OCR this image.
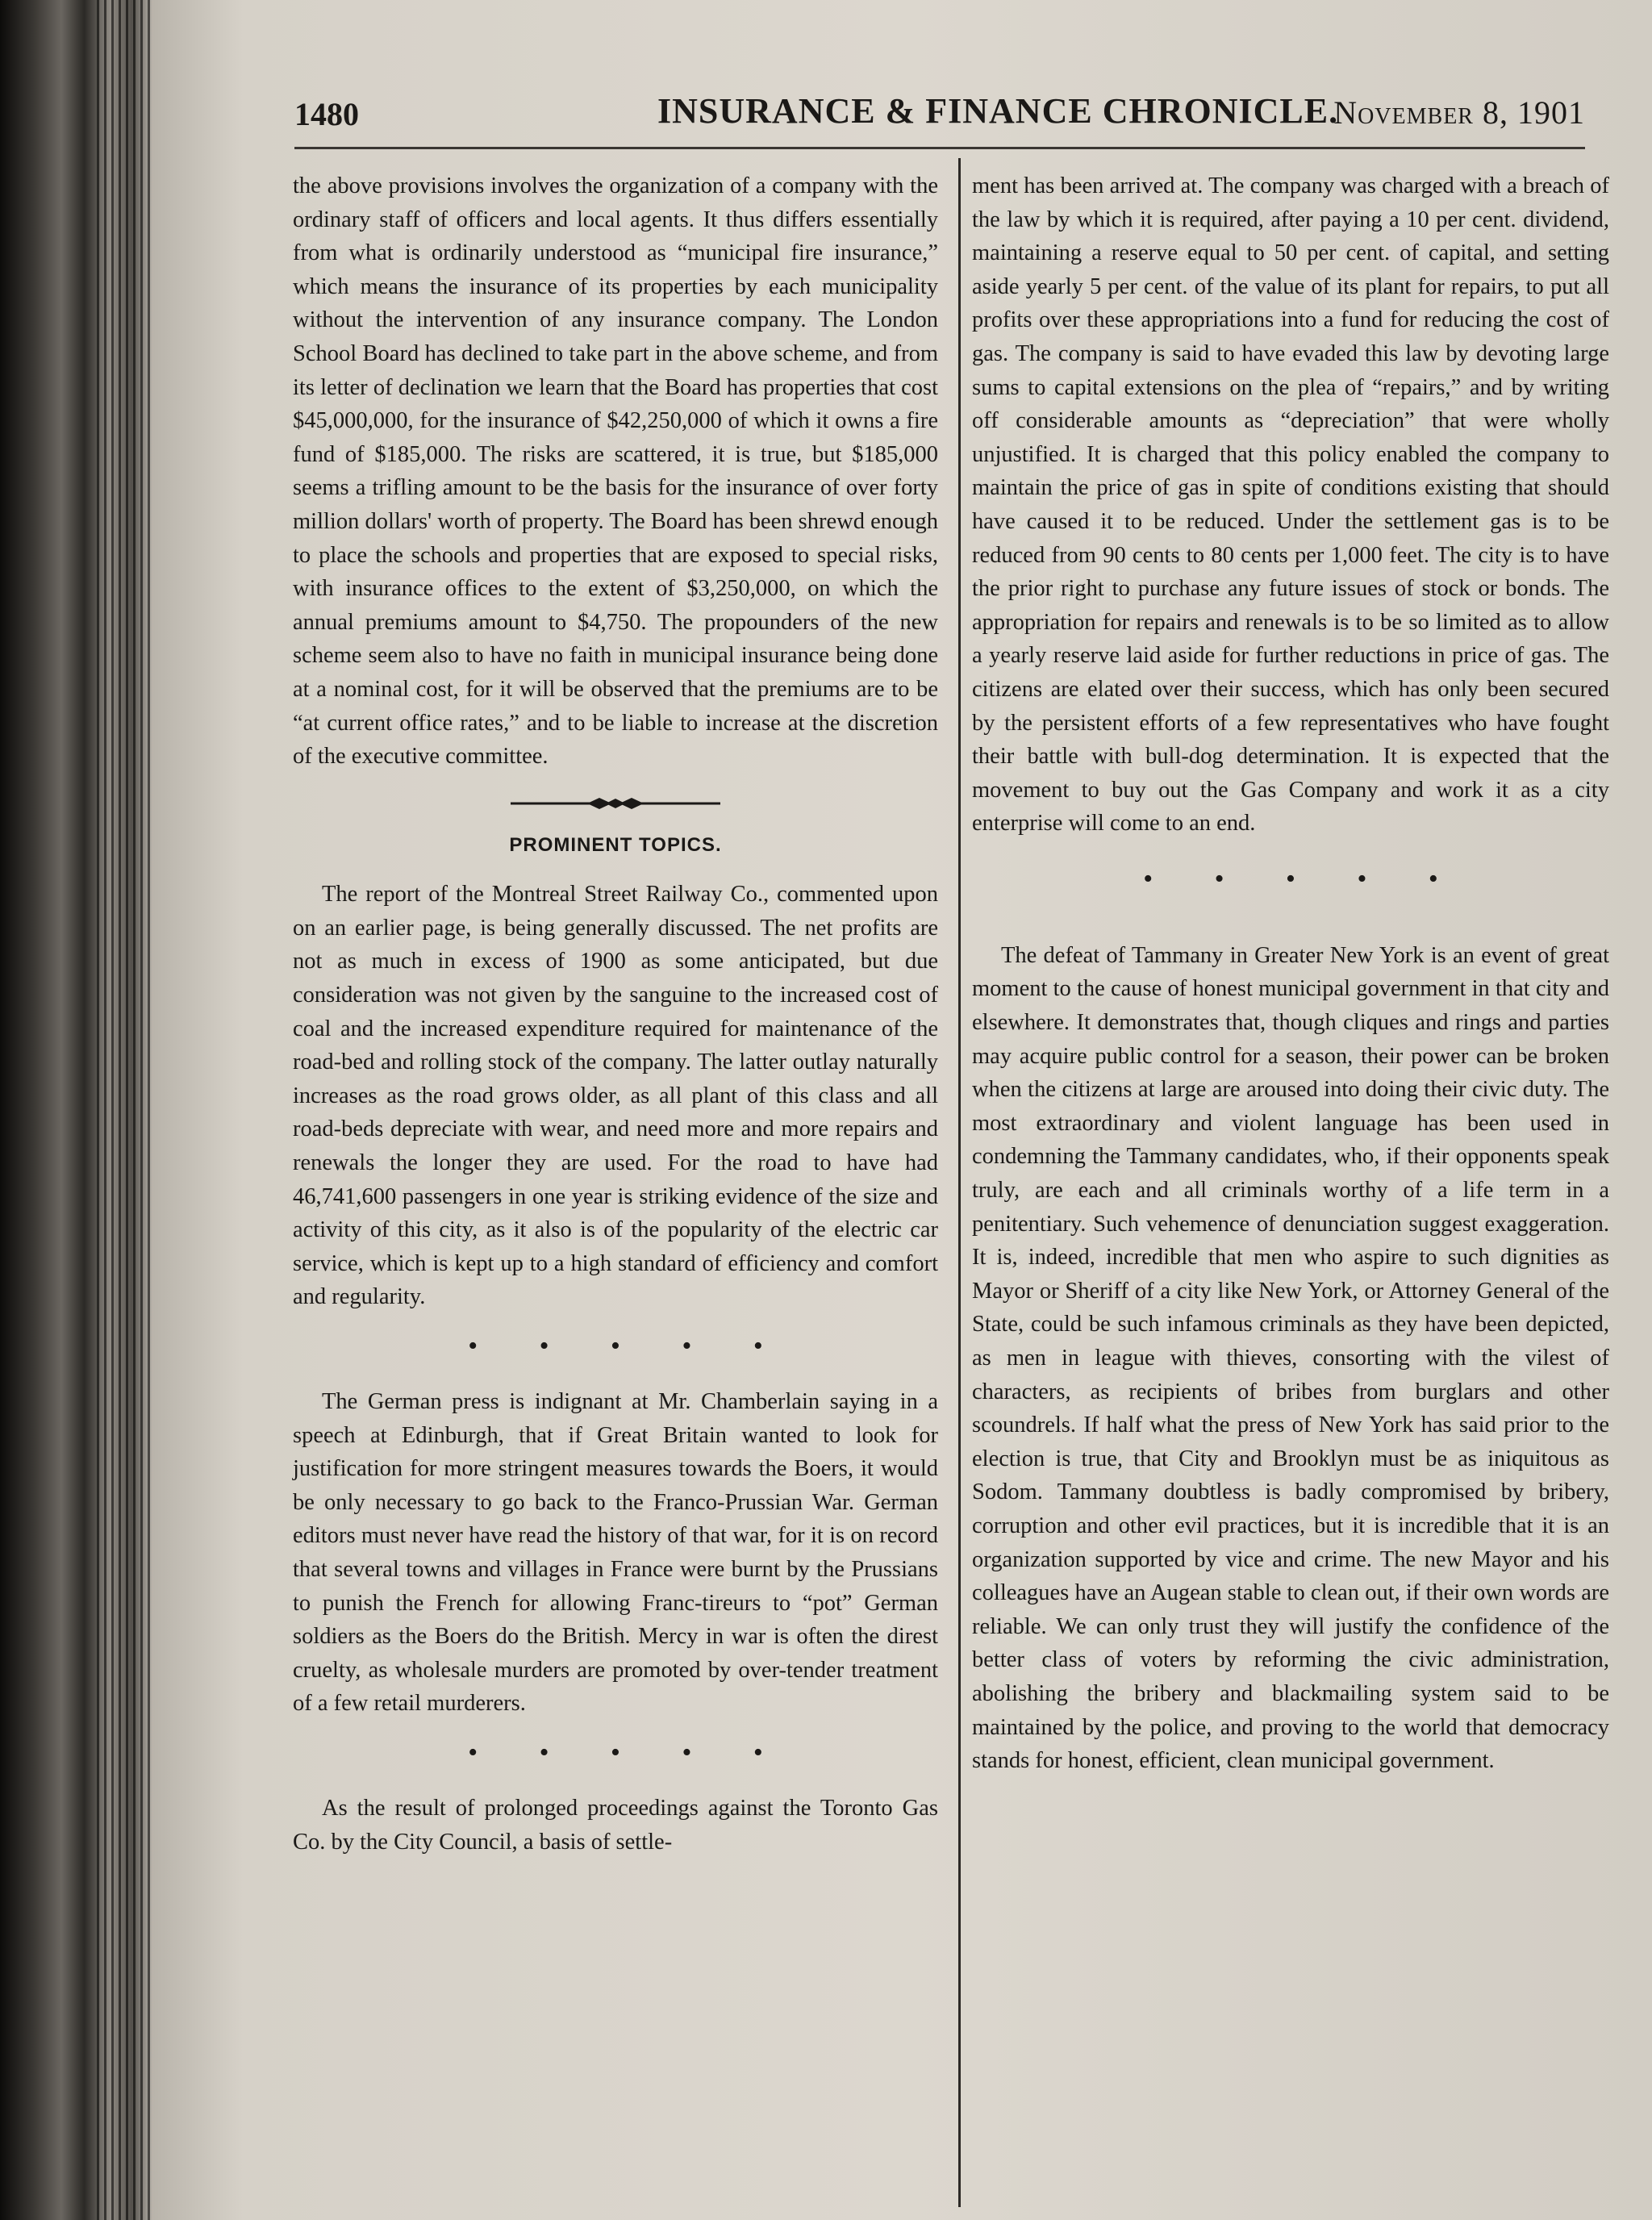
1480	INSURANCE & FINANCE CHRONICLE.
November 8, 1901

the above provisions involves the organization of a company with the ordinary staff of officers and local agents. It thus differs essentially from what is ordinarily understood as “municipal fire insurance,” which means the insurance of its properties by each municipality without the intervention of any insurance company. The London School Board has declined to take part in the above scheme, and from its letter of declination we learn that the Board has properties that cost $45,000,000, for the insurance of $42,250,000 of which it owns a fire fund of $185,000. The risks are scattered, it is true, but $185,000 seems a trifling amount to be the basis for the insurance of over forty million dollars' worth of property. The Board has been shrewd enough to place the schools and properties that are exposed to special risks, with insurance offices to the extent of $3,250,000, on which the annual premiums amount to $4,750. The propounders of the new scheme seem also to have no faith in municipal insurance being done at a nominal cost, for it will be observed that the premiums are to be “at current office rates,” and to be liable to increase at the discretion of the executive committee.

PROMINENT TOPICS.

The report of the Montreal Street Railway Co., commented upon on an earlier page, is being generally discussed. The net profits are not as much in excess of 1900 as some anticipated, but due consideration was not given by the sanguine to the increased cost of coal and the increased expenditure required for maintenance of the road-bed and rolling stock of the company. The latter outlay naturally increases as the road grows older, as all plant of this class and all road-beds depreciate with wear, and need more and more repairs and renewals the longer they are used. For the road to have had 46,741,600 passengers in one year is striking evidence of the size and activity of this city, as it also is of the popularity of the electric car service, which is kept up to a high standard of efficiency and comfort and regularity.

• • • • •

The German press is indignant at Mr. Chamberlain saying in a speech at Edinburgh, that if Great Britain wanted to look for justification for more stringent measures towards the Boers, it would be only necessary to go back to the Franco-Prussian War. German editors must never have read the history of that war, for it is on record that several towns and villages in France were burnt by the Prussians to punish the French for allowing Franc-tireurs to “pot” German soldiers as the Boers do the British. Mercy in war is often the direst cruelty, as wholesale murders are promoted by over-tender treatment of a few retail murderers.

• • • • •

As the result of prolonged proceedings against the Toronto Gas Co. by the City Council, a basis of settle-

ment has been arrived at. The company was charged with a breach of the law by which it is required, after paying a 10 per cent. dividend, maintaining a reserve equal to 50 per cent. of capital, and setting aside yearly 5 per cent. of the value of its plant for repairs, to put all profits over these appropriations into a fund for reducing the cost of gas. The company is said to have evaded this law by devoting large sums to capital extensions on the plea of “repairs,” and by writing off considerable amounts as “depreciation” that were wholly unjustified. It is charged that this policy enabled the company to maintain the price of gas in spite of conditions existing that should have caused it to be reduced. Under the settlement gas is to be reduced from 90 cents to 80 cents per 1,000 feet. The city is to have the prior right to purchase any future issues of stock or bonds. The appropriation for repairs and renewals is to be so limited as to allow a yearly reserve laid aside for further reductions in price of gas. The citizens are elated over their success, which has only been secured by the persistent efforts of a few representatives who have fought their battle with bull-dog determination. It is expected that the movement to buy out the Gas Company and work it as a city enterprise will come to an end.

• • • • •

The defeat of Tammany in Greater New York is an event of great moment to the cause of honest municipal government in that city and elsewhere. It demonstrates that, though cliques and rings and parties may acquire public control for a season, their power can be broken when the citizens at large are aroused into doing their civic duty. The most extraordinary and violent language has been used in condemning the Tammany candidates, who, if their opponents speak truly, are each and all criminals worthy of a life term in a penitentiary. Such vehemence of denunciation suggest exaggeration. It is, indeed, incredible that men who aspire to such dignities as Mayor or Sheriff of a city like New York, or Attorney General of the State, could be such infamous criminals as they have been depicted, as men in league with thieves, consorting with the vilest of characters, as recipients of bribes from burglars and other scoundrels. If half what the press of New York has said prior to the election is true, that City and Brooklyn must be as iniquitous as Sodom. Tammany doubtless is badly compromised by bribery, corruption and other evil practices, but it is incredible that it is an organization supported by vice and crime. The new Mayor and his colleagues have an Augean stable to clean out, if their own words are reliable. We can only trust they will justify the confidence of the better class of voters by reforming the civic administration, abolishing the bribery and blackmailing system said to be maintained by the police, and proving to the world that democracy stands for honest, efficient, clean municipal government.
